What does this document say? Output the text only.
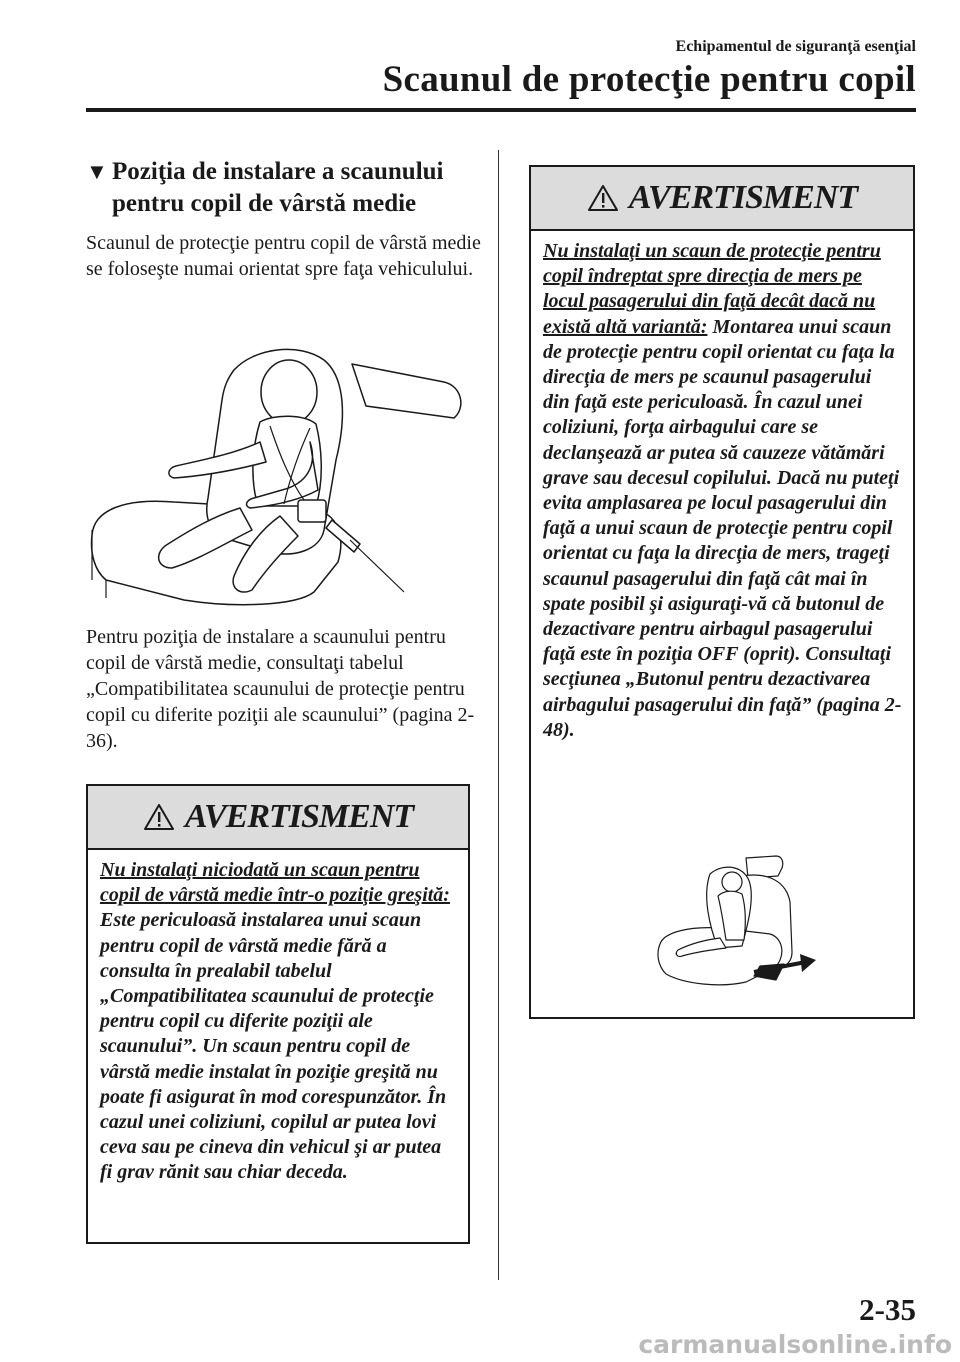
Echipamentul de siguranţă esenţial
Scaunul de protecţie pentru copil
▼ Poziţia de instalare a scaunului pentru copil de vârstă medie
Scaunul de protecţie pentru copil de vârstă medie se foloseşte numai orientat spre faţa vehiculului.
Pentru poziţia de instalare a scaunului pentru copil de vârstă medie, consultaţi tabelul „Compatibilitatea scaunului de protecţie pentru copil cu diferite poziţii ale scaunului” (pagina 2-36).
AVERTISMENT
Nu instalaţi niciodată un scaun pentru copil de vârstă medie într-o poziţie greşită: Este periculoasă instalarea unui scaun pentru copil de vârstă medie fără a consulta în prealabil tabelul „Compatibilitatea scaunului de protecţie pentru copil cu diferite poziţii ale scaunului”. Un scaun pentru copil de vârstă medie instalat în poziţie greşită nu poate fi asigurat în mod corespunzător. În cazul unei coliziuni, copilul ar putea lovi ceva sau pe cineva din vehicul şi ar putea fi grav rănit sau chiar deceda.
AVERTISMENT
Nu instalaţi un scaun de protecţie pentru copil îndreptat spre direcţia de mers pe locul pasagerului din faţă decât dacă nu există altă variantă: Montarea unui scaun de protecţie pentru copil orientat cu faţa la direcţia de mers pe scaunul pasagerului din faţă este periculoasă. În cazul unei coliziuni, forţa airbagului care se declanşează ar putea să cauzeze vătămări grave sau decesul copilului. Dacă nu puteţi evita amplasarea pe locul pasagerului din faţă a unui scaun de protecţie pentru copil orientat cu faţa la direcţia de mers, trageţi scaunul pasagerului din faţă cât mai în spate posibil şi asiguraţi-vă că butonul de dezactivare pentru airbagul pasagerului faţă este în poziţia OFF (oprit). Consultaţi secţiunea „Butonul pentru dezactivarea airbagului pasagerului din faţă” (pagina 2-48).
2-35
carmanualsonline.info
